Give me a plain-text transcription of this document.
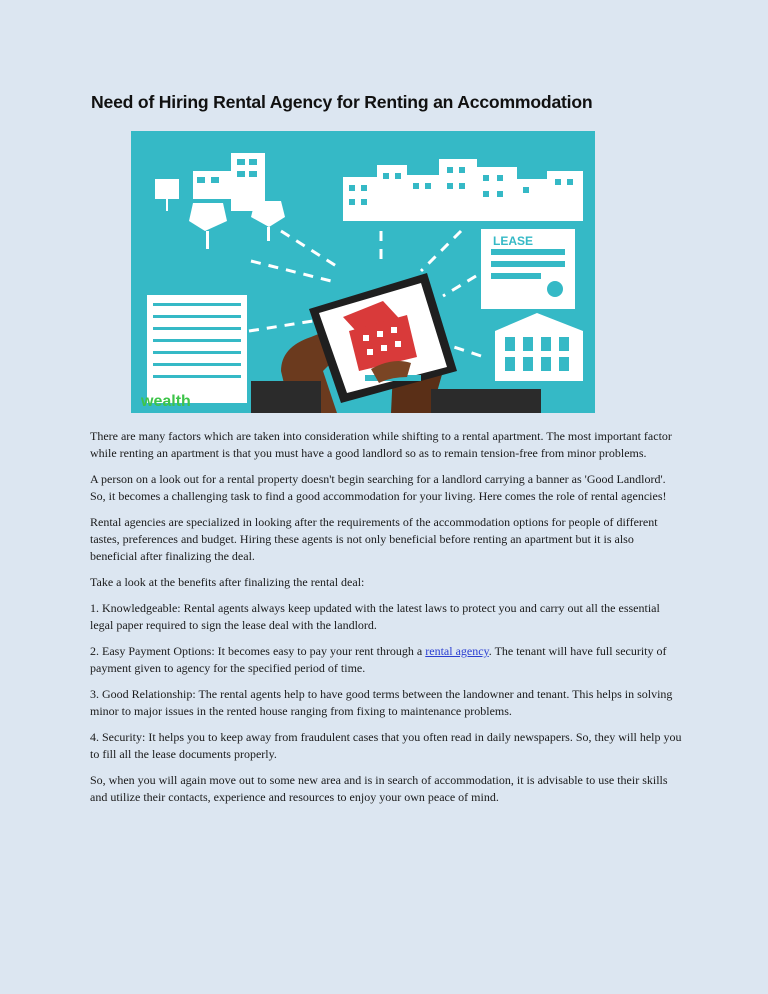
Need of Hiring Rental Agency for Renting an Accommodation
LEASE
wealth

There are many factors which are taken into consideration while shifting to a rental apartment. The most important factor while renting an apartment is that you must have a good landlord so as to remain tension-free from minor problems.

A person on a look out for a rental property doesn't begin searching for a landlord carrying a banner as 'Good Landlord'. So, it becomes a challenging task to find a good accommodation for your living. Here comes the role of rental agencies!

Rental agencies are specialized in looking after the requirements of the accommodation options for people of different tastes, preferences and budget. Hiring these agents is not only beneficial before renting an apartment but it is also beneficial after finalizing the deal.

Take a look at the benefits after finalizing the rental deal:

1. Knowledgeable: Rental agents always keep updated with the latest laws to protect you and carry out all the essential legal paper required to sign the lease deal with the landlord.

2. Easy Payment Options: It becomes easy to pay your rent through a rental agency. The tenant will have full security of payment given to agency for the specified period of time.

3. Good Relationship: The rental agents help to have good terms between the landowner and tenant. This helps in solving minor to major issues in the rented house ranging from fixing to maintenance problems.

4. Security: It helps you to keep away from fraudulent cases that you often read in daily newspapers. So, they will help you to fill all the lease documents properly.

So, when you will again move out to some new area and is in search of accommodation, it is advisable to use their skills and utilize their contacts, experience and resources to enjoy your own peace of mind.
